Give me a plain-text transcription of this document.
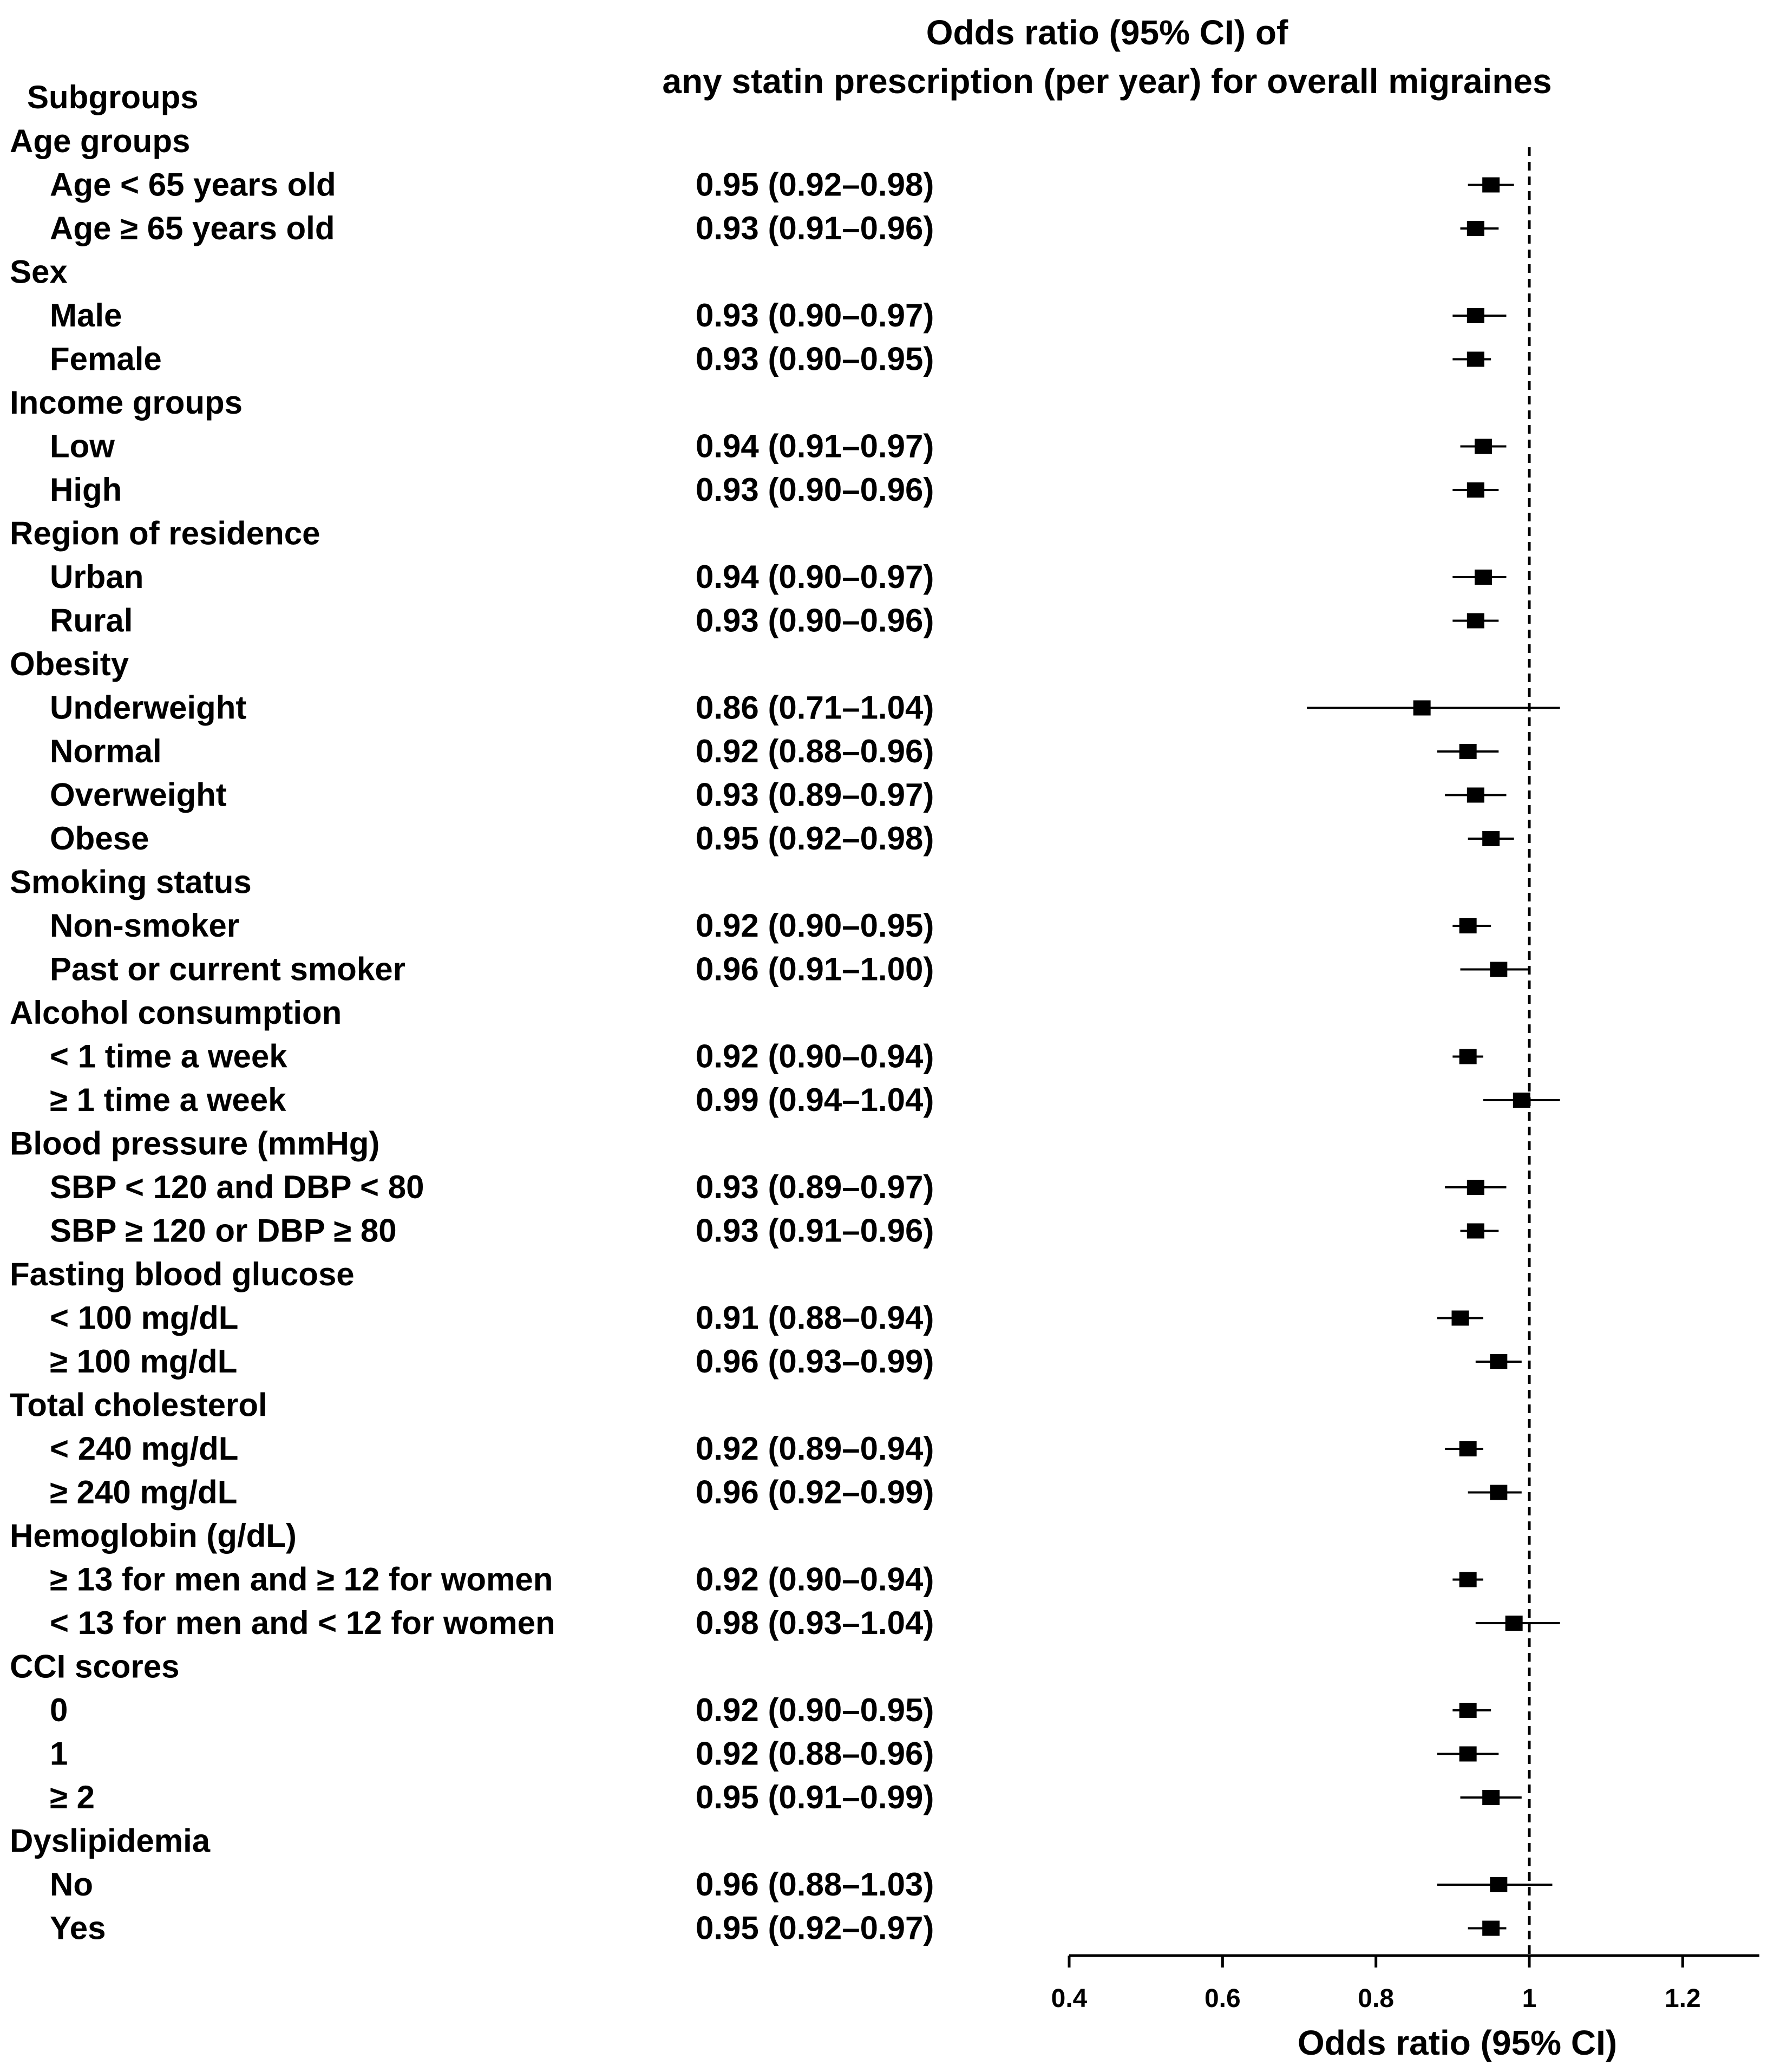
Odds ratio (95% CI) of
any statin prescription (per year) for overall migraines
Subgroups
Age groups
Age < 65 years old	0.95 (0.92–0.98)
Age ≥ 65 years old	0.93 (0.91–0.96)
Sex
Male	0.93 (0.90–0.97)
Female	0.93 (0.90–0.95)
Income groups
Low	0.94 (0.91–0.97)
High	0.93 (0.90–0.96)
Region of residence
Urban	0.94 (0.90–0.97)
Rural	0.93 (0.90–0.96)
Obesity
Underweight	0.86 (0.71–1.04)
Normal	0.92 (0.88–0.96)
Overweight	0.93 (0.89–0.97)
Obese	0.95 (0.92–0.98)
Smoking status
Non-smoker	0.92 (0.90–0.95)
Past or current smoker	0.96 (0.91–1.00)
Alcohol consumption
< 1 time a week	0.92 (0.90–0.94)
≥ 1 time a week	0.99 (0.94–1.04)
Blood pressure (mmHg)
SBP < 120 and DBP < 80	0.93 (0.89–0.97)
SBP ≥ 120 or DBP ≥ 80	0.93 (0.91–0.96)
Fasting blood glucose
< 100 mg/dL	0.91 (0.88–0.94)
≥ 100 mg/dL	0.96 (0.93–0.99)
Total cholesterol
< 240 mg/dL	0.92 (0.89–0.94)
≥ 240 mg/dL	0.96 (0.92–0.99)
Hemoglobin (g/dL)
≥ 13 for men and ≥ 12 for women	0.92 (0.90–0.94)
< 13 for men and < 12 for women	0.98 (0.93–1.04)
CCI scores
0	0.92 (0.90–0.95)
1	0.92 (0.88–0.96)
≥ 2	0.95 (0.91–0.99)
Dyslipidemia
No	0.96 (0.88–1.03)
Yes	0.95 (0.92–0.97)
0.4	0.6	0.8	1	1.2
Odds ratio (95% CI)
